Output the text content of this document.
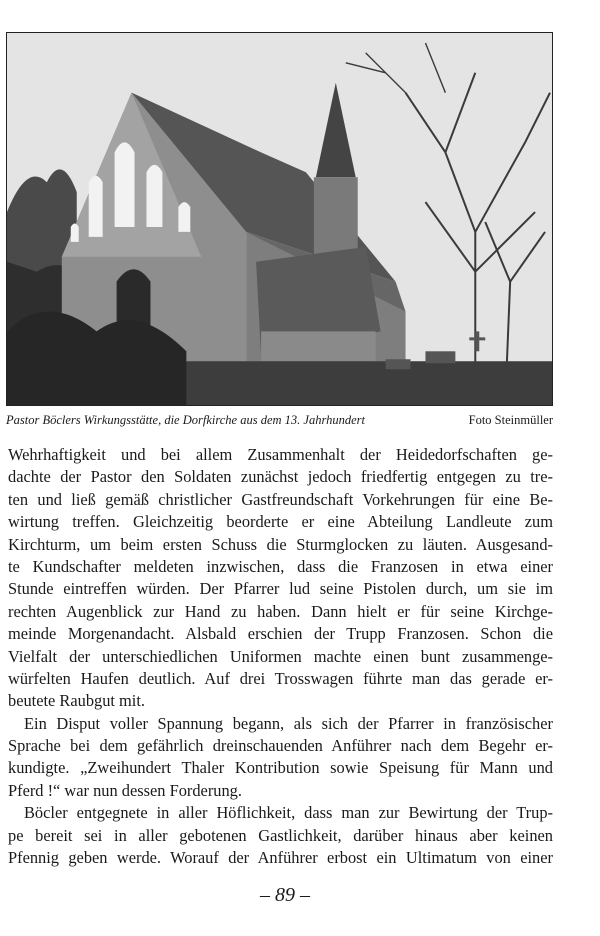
Pastor Böclers Wirkungsstätte, die Dorfkirche aus dem 13. Jahrhundert	Foto Steinmüller
Wehrhaftigkeit und bei allem Zusammenhalt der Heidedorfschaften ge-
dachte der Pastor den Soldaten zunächst jedoch friedfertig entgegen zu tre-
ten und ließ gemäß christlicher Gastfreundschaft Vorkehrungen für eine Be-
wirtung treffen. Gleichzeitig beorderte er eine Abteilung Landleute zum
Kirchturm, um beim ersten Schuss die Sturmglocken zu läuten. Ausgesand-
te Kundschafter meldeten inzwischen, dass die Franzosen in etwa einer
Stunde eintreffen würden. Der Pfarrer lud seine Pistolen durch, um sie im
rechten Augenblick zur Hand zu haben. Dann hielt er für seine Kirchge-
meinde Morgenandacht. Alsbald erschien der Trupp Franzosen. Schon die
Vielfalt der unterschiedlichen Uniformen machte einen bunt zusammenge-
würfelten Haufen deutlich. Auf drei Trosswagen führte man das gerade er-
beutete Raubgut mit.
Ein Disput voller Spannung begann, als sich der Pfarrer in französischer
Sprache bei dem gefährlich dreinschauenden Anführer nach dem Begehr er-
kundigte. „Zweihundert Thaler Kontribution sowie Speisung für Mann und
Pferd !“ war nun dessen Forderung.
Böcler entgegnete in aller Höflichkeit, dass man zur Bewirtung der Trup-
pe bereit sei in aller gebotenen Gastlichkeit, darüber hinaus aber keinen
Pfennig geben werde. Worauf der Anführer erbost ein Ultimatum von einer
– 89 –
